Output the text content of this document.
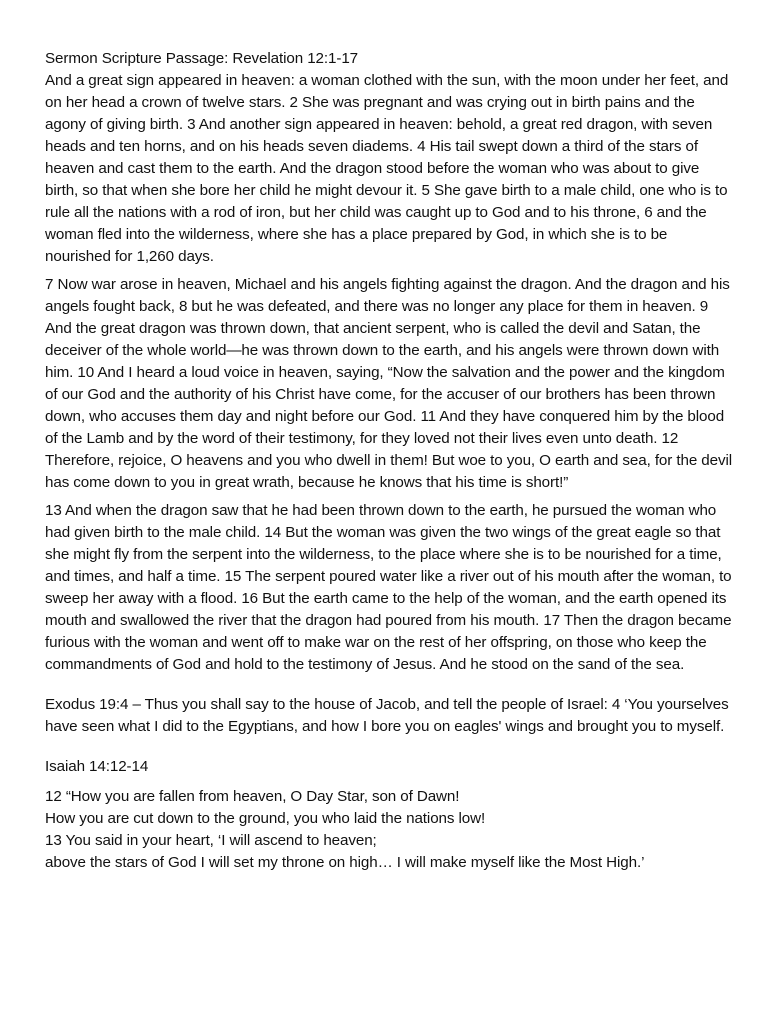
Sermon Scripture Passage: Revelation 12:1-17

And a great sign appeared in heaven: a woman clothed with the sun, with the moon under her feet, and on her head a crown of twelve stars. 2 She was pregnant and was crying out in birth pains and the agony of giving birth. 3 And another sign appeared in heaven: behold, a great red dragon, with seven heads and ten horns, and on his heads seven diadems. 4 His tail swept down a third of the stars of heaven and cast them to the earth. And the dragon stood before the woman who was about to give birth, so that when she bore her child he might devour it. 5 She gave birth to a male child, one who is to rule all the nations with a rod of iron, but her child was caught up to God and to his throne, 6 and the woman fled into the wilderness, where she has a place prepared by God, in which she is to be nourished for 1,260 days.

7 Now war arose in heaven, Michael and his angels fighting against the dragon. And the dragon and his angels fought back, 8 but he was defeated, and there was no longer any place for them in heaven. 9 And the great dragon was thrown down, that ancient serpent, who is called the devil and Satan, the deceiver of the whole world—he was thrown down to the earth, and his angels were thrown down with him. 10 And I heard a loud voice in heaven, saying, “Now the salvation and the power and the kingdom of our God and the authority of his Christ have come, for the accuser of our brothers has been thrown down, who accuses them day and night before our God. 11 And they have conquered him by the blood of the Lamb and by the word of their testimony, for they loved not their lives even unto death. 12 Therefore, rejoice, O heavens and you who dwell in them! But woe to you, O earth and sea, for the devil has come down to you in great wrath, because he knows that his time is short!”

13 And when the dragon saw that he had been thrown down to the earth, he pursued the woman who had given birth to the male child. 14 But the woman was given the two wings of the great eagle so that she might fly from the serpent into the wilderness, to the place where she is to be nourished for a time, and times, and half a time. 15 The serpent poured water like a river out of his mouth after the woman, to sweep her away with a flood. 16 But the earth came to the help of the woman, and the earth opened its mouth and swallowed the river that the dragon had poured from his mouth. 17 Then the dragon became furious with the woman and went off to make war on the rest of her offspring, on those who keep the commandments of God and hold to the testimony of Jesus. And he stood on the sand of the sea.

Exodus 19:4 – Thus you shall say to the house of Jacob, and tell the people of Israel: 4 ‘You yourselves have seen what I did to the Egyptians, and how I bore you on eagles' wings and brought you to myself.

Isaiah 14:12-14

12 “How you are fallen from heaven, O Day Star, son of Dawn!
How you are cut down to the ground, you who laid the nations low!
13 You said in your heart, ‘I will ascend to heaven;
above the stars of God I will set my throne on high… I will make myself like the Most High.’
